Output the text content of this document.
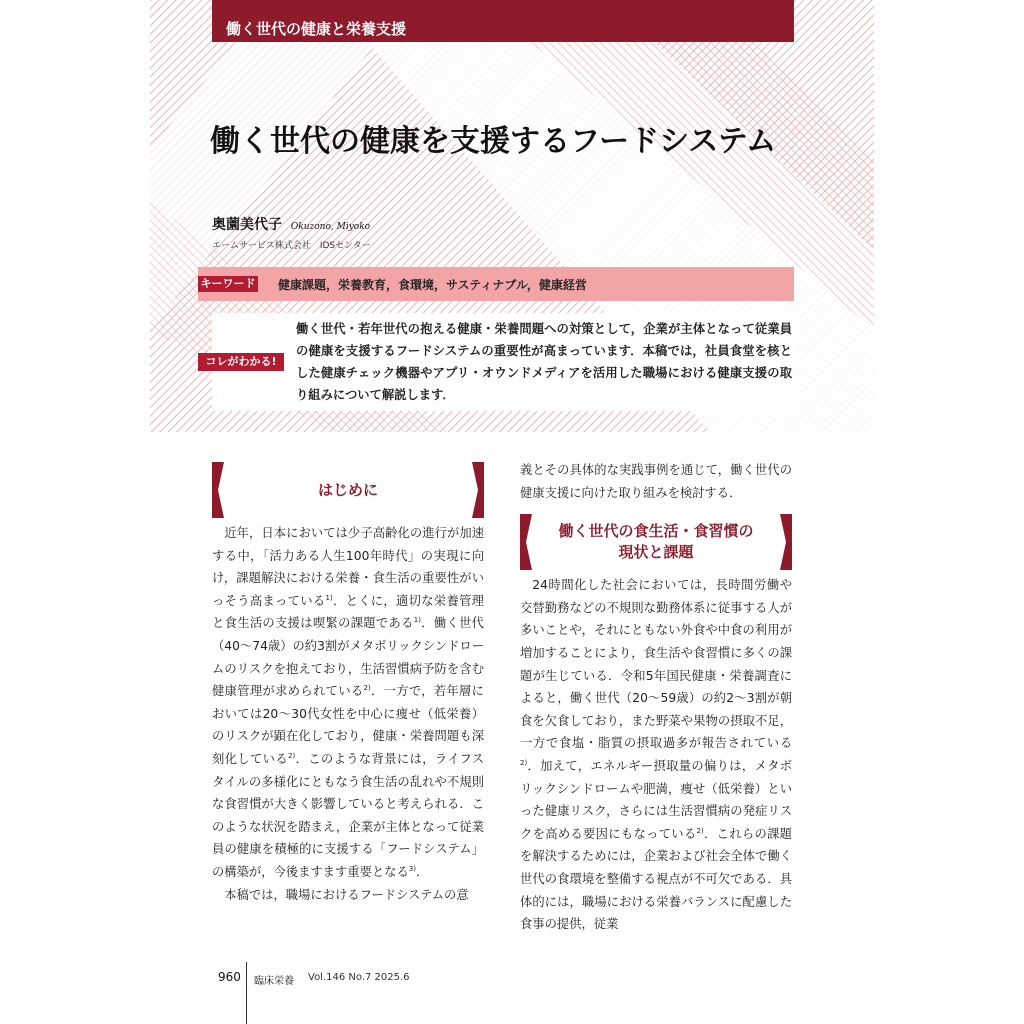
働く世代の健康と栄養支援
働く世代の健康を支援するフードシステム
奥薗美代子 Okuzono, Miyoko
エームサービス株式会社　IDSセンター
キーワード 健康課題，栄養教育，食環境，サスティナブル，健康経営
コレがわかる!
働く世代・若年世代の抱える健康・栄養問題への対策として，企業が主体となって従業員の健康を支援するフードシステムの重要性が高まっています．本稿では，社員食堂を核とした健康チェック機器やアプリ・オウンドメディアを活用した職場における健康支援の取り組みについて解説します．
はじめに

近年，日本においては少子高齢化の進行が加速する中，「活力ある人生100年時代」の実現に向け，課題解決における栄養・食生活の重要性がいっそう高まっている$^{1)}$．とくに，適切な栄養管理と食生活の支援は喫緊の課題である$^{1)}$．働く世代（40〜74歳）の約3割がメタボリックシンドロームのリスクを抱えており，生活習慣病予防を含む健康管理が求められている$^{2)}$．一方で，若年層においては20〜30代女性を中心に痩せ（低栄養）のリスクが顕在化しており，健康・栄養問題も深刻化している$^{2)}$．このような背景には，ライフスタイルの多様化にともなう食生活の乱れや不規則な食習慣が大きく影響していると考えられる．このような状況を踏まえ，企業が主体となって従業員の健康を積極的に支援する「フードシステム」の構築が，今後ますます重要となる$^{3)}$．

本稿では，職場におけるフードシステムの意

義とその具体的な実践事例を通じて，働く世代の健康支援に向けた取り組みを検討する．

働く世代の食生活・食習慣の
現状と課題

24時間化した社会においては，長時間労働や交替勤務などの不規則な勤務体系に従事する人が多いことや，それにともない外食や中食の利用が増加することにより，食生活や食習慣に多くの課題が生じている．令和5年国民健康・栄養調査によると，働く世代（20〜59歳）の約2〜3割が朝食を欠食しており，また野菜や果物の摂取不足，一方で食塩・脂質の摂取過多が報告されている$^{2)}$．加えて，エネルギー摂取量の偏りは，メタボリックシンドロームや肥満，痩せ（低栄養）といった健康リスク，さらには生活習慣病の発症リスクを高める要因にもなっている$^{2)}$．これらの課題を解決するためには，企業および社会全体で働く世代の食環境を整備する視点が不可欠である．具体的には，職場における栄養バランスに配慮した食事の提供，従業

960 臨床栄養 Vol.146 No.7 2025.6
